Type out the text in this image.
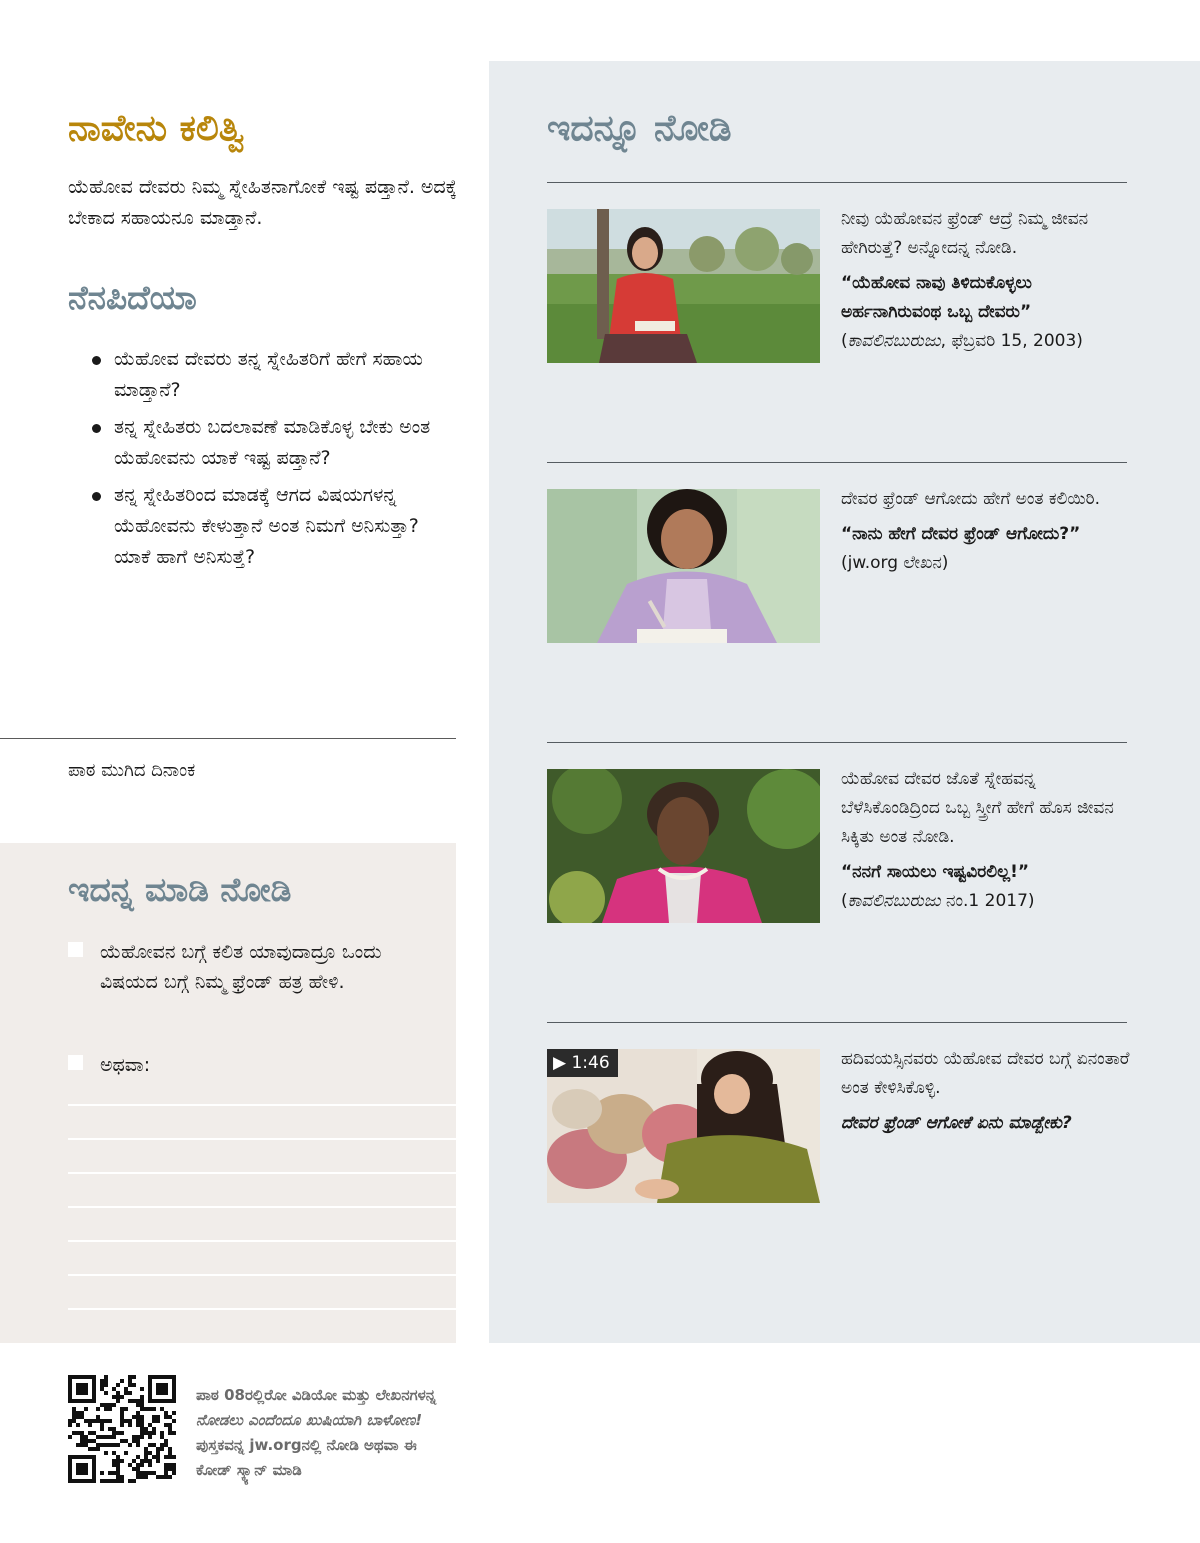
ನಾವೇನು ಕಲಿತ್ವಿ

ಯೆಹೋವ ದೇವರು ನಿಮ್ಮ ಸ್ನೇಹಿತನಾಗೋಕೆ ಇಷ್ಟ ಪಡ್ತಾನೆ. ಅದಕ್ಕೆ ಬೇಕಾದ ಸಹಾಯನೂ ಮಾಡ್ತಾನೆ.

ನೆನಪಿದೆಯಾ
ಯೆಹೋವ ದೇವರು ತನ್ನ ಸ್ನೇಹಿತರಿಗೆ ಹೇಗೆ ಸಹಾಯ ಮಾಡ್ತಾನೆ?
ತನ್ನ ಸ್ನೇಹಿತರು ಬದಲಾವಣೆ ಮಾಡಿಕೊಳ್ಳ ಬೇಕು ಅಂತ ಯೆಹೋವನು ಯಾಕೆ ಇಷ್ಟ ಪಡ್ತಾನೆ?
ತನ್ನ ಸ್ನೇಹಿತರಿಂದ ಮಾಡಕ್ಕೆ ಆಗದ ವಿಷಯಗಳನ್ನ ಯೆಹೋವನು ಕೇಳುತ್ತಾನೆ ಅಂತ ನಿಮಗೆ ಅನಿಸುತ್ತಾ? ಯಾಕೆ ಹಾಗೆ ಅನಿಸುತ್ತೆ?
ಪಾಠ ಮುಗಿದ ದಿನಾಂಕ
ಇದನ್ನ ಮಾಡಿ ನೋಡಿ
ಯೆಹೋವನ ಬಗ್ಗೆ ಕಲಿತ ಯಾವುದಾದ್ರೂ ಒಂದು ವಿಷಯದ ಬಗ್ಗೆ ನಿಮ್ಮ ಫ್ರೆಂಡ್ ಹತ್ರ ಹೇಳಿ.
ಅಥವಾ:
ಇದನ್ನೂ ನೋಡಿ

ನೀವು ಯೆಹೋವನ ಫ್ರೆಂಡ್ ಆದ್ರೆ ನಿಮ್ಮ ಜೀವನ ಹೇಗಿರುತ್ತೆ? ಅನ್ನೋದನ್ನ ನೋಡಿ.

“ಯೆಹೋವ ನಾವು ತಿಳಿದುಕೊಳ್ಳಲು ಅರ್ಹನಾಗಿರುವಂಥ ಒಬ್ಬ ದೇವರು”

(ಕಾವಲಿನಬುರುಜು, ಫೆಬ್ರವರಿ 15, 2003)

ದೇವರ ಫ್ರೆಂಡ್ ಆಗೋದು ಹೇಗೆ ಅಂತ ಕಲಿಯಿರಿ.

“ನಾನು ಹೇಗೆ ದೇವರ ಫ್ರೆಂಡ್ ಆಗೋದು?” (jw.org ಲೇಖನ)

ಯೆಹೋವ ದೇವರ ಜೊತೆ ಸ್ನೇಹವನ್ನ ಬೆಳೆಸಿಕೊಂಡಿದ್ರಿಂದ ಒಬ್ಬ ಸ್ತ್ರೀಗೆ ಹೇಗೆ ಹೊಸ ಜೀವನ ಸಿಕ್ಕಿತು ಅಂತ ನೋಡಿ.

“ನನಗೆ ಸಾಯಲು ಇಷ್ಟವಿರಲಿಲ್ಲ!”

(ಕಾವಲಿನಬುರುಜು ನಂ.1 2017)

▶ 1:46	ಹದಿವಯಸ್ಸಿನವರು ಯೆಹೋವ ದೇವರ ಬಗ್ಗೆ ಏನಂತಾರೆ ಅಂತ ಕೇಳಿಸಿಕೊಳ್ಳಿ.

ದೇವರ ಫ್ರೆಂಡ್ ಆಗೋಕೆ ಏನು ಮಾಡ್ಬೇಕು?

ಪಾಠ 08ರಲ್ಲಿರೋ ವಿಡಿಯೋ ಮತ್ತು ಲೇಖನಗಳನ್ನ
ನೋಡಲು ಎಂದೆಂದೂ ಖುಷಿಯಾಗಿ ಬಾಳೋಣ!
ಪುಸ್ತಕವನ್ನ jw.orgನಲ್ಲಿ ನೋಡಿ ಅಥವಾ ಈ
ಕೋಡ್ ಸ್ಕ್ಯಾನ್ ಮಾಡಿ
